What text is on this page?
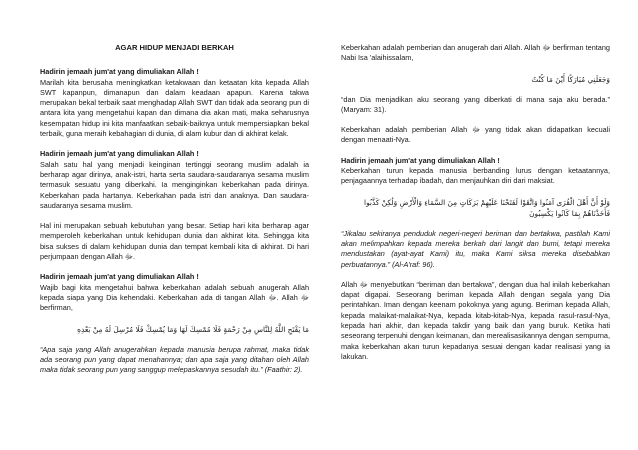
AGAR HIDUP MENJADI BERKAH
Hadirin jemaah jum'at yang dimuliakan Allah !

Marilah kita berusaha meningkatkan ketakwaan dan ketaatan kita kepada Allah SWT kapanpun, dimanapun dan dalam keadaan apapun. Karena takwa merupakan bekal terbaik saat menghadap Allah SWT dan tidak ada seorang pun di antara kita yang mengetahui kapan dan dimana dia akan mati, maka seharusnya kesempatan hidup ini kita manfaatkan sebaik-baiknya untuk mempersiapkan bekal terbaik, guna meraih kebahagian di dunia, di alam kubur dan di akhirat kelak.

Hadirin jemaah jum'at yang dimuliakan Allah !

Salah satu hal yang menjadi keinginan tertinggi seorang muslim adalah ia berharap agar dirinya, anak-istri, harta serta saudara-saudaranya sesama muslim termasuk sesuatu yang diberkahi. Ia menginginkan keberkahan pada dirinya. Keberkahan pada hartanya. Keberkahan pada istri dan anaknya. Dan saudara-saudaranya sesama muslim.

Hal ini merupakan sebuah kebutuhan yang besar. Setiap hari kita berharap agar memperoleh keberkahan untuk kehidupan dunia dan akhirat kita. Sehingga kita bisa sukses di dalam kehidupan dunia dan tempat kembali kita di akhirat. Di hari perjumpaan dengan Allah ﷻ.

Hadirin jemaah jum'at yang dimuliakan Allah !

Wajib bagi kita mengetahui bahwa keberkahan adalah sebuah anugerah Allah kepada siapa yang Dia kehendaki. Keberkahan ada di tangan Allah ﷻ. Allah ﷻ berfirman,

مَا يَفْتَحِ اللَّهُ لِلنَّاسِ مِنْ رَحْمَةٍ فَلَا مُمْسِكَ لَهَا وَمَا يُمْسِكْ فَلَا مُرْسِلَ لَهُ مِنْ بَعْدِهِ

“Apa saja yang Allah anugerahkan kepada manusia berupa rahmat, maka tidak ada seorang pun yang dapat menahannya; dan apa saja yang ditahan oleh Allah maka tidak seorang pun yang sanggup melepaskannya sesudah itu.” (Faathir: 2).

Keberkahan adalah pemberian dan anugerah dari Allah. Allah ﷻ berfirman tentang Nabi Isa 'alaihissalam,

وَجَعَلَنِي مُبَارَكًا أَيْنَ مَا كُنْتُ

“dan Dia menjadikan aku seorang yang diberkati di mana saja aku berada.” (Maryam: 31).

Keberkahan adalah pemberian Allah ﷻ yang tidak akan didapatkan kecuali dengan menaati-Nya.

Hadirin jemaah jum'at yang dimuliakan Allah !

Keberkahan turun kepada manusia berbanding lurus dengan ketaatannya, penjagaannya terhadap ibadah, dan menjauhkan diri dari maksiat.

وَلَوْ أَنَّ أَهْلَ الْقُرَى آمَنُوا وَاتَّقَوْا لَفَتَحْنَا عَلَيْهِمْ بَرَكَاتٍ مِنَ السَّمَاءِ وَالْأَرْضِ وَلَٰكِنْ كَذَّبُوا فَأَخَذْنَاهُمْ بِمَا كَانُوا يَكْسِبُونَ

“Jikalau sekiranya penduduk negeri-negeri beriman dan bertakwa, pastilah Kami akan melimpahkan kepada mereka berkah dari langit dan bumi, tetapi mereka mendustakan (ayat-ayat Kami) itu, maka Kami siksa mereka disebabkan perbuatannya.” (Al-A'raf: 96).

Allah ﷻ menyebutkan “beriman dan bertakwa”, dengan dua hal inilah keberkahan dapat digapai. Seseorang beriman kepada Allah dengan segala yang Dia perintahkan. Iman dengan keenam pokoknya yang agung. Beriman kepada Allah, kepada malaikat-malaikat-Nya, kepada kitab-kitab-Nya, kepada rasul-rasul-Nya, kepada hari akhir, dan kepada takdir yang baik dan yang buruk. Ketika hati seseorang terpenuhi dengan keimanan, dan merealisasikannya dengan sempurna, maka keberkahan akan turun kepadanya sesuai dengan kadar realisasi yang ia lakukan.
